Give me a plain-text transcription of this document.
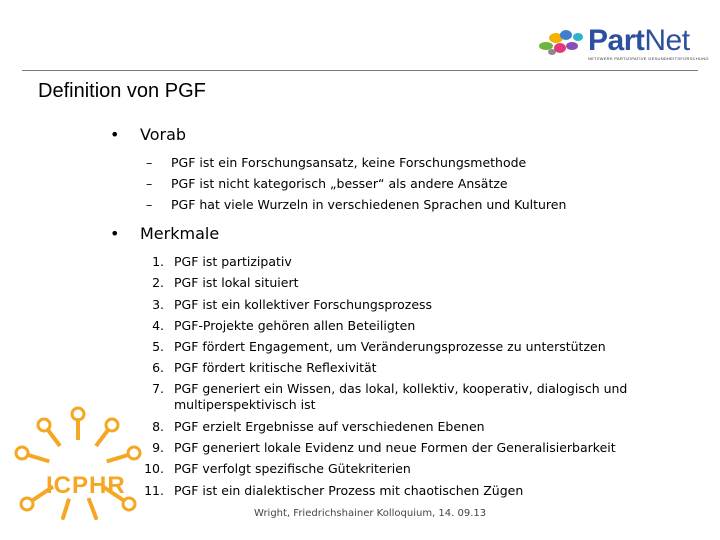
PartNet
NETZWERK PARTIZIPATIVE GESUNDHEITSFORSCHUNG
Definition von PGF
• Vorab
– PGF ist ein Forschungsansatz, keine Forschungsmethode
– PGF ist nicht kategorisch „besser“ als andere Ansätze
– PGF hat viele Wurzeln in verschiedenen Sprachen und Kulturen
• Merkmale
1. PGF ist partizipativ
2. PGF ist lokal situiert
3. PGF ist ein kollektiver Forschungsprozess
4. PGF-Projekte gehören allen Beteiligten
5. PGF fördert Engagement, um Veränderungsprozesse zu unterstützen
6. PGF fördert kritische Reflexivität
7. PGF generiert ein Wissen, das lokal, kollektiv, kooperativ, dialogisch und multiperspektivisch ist
8. PGF erzielt Ergebnisse auf verschiedenen Ebenen
9. PGF generiert lokale Evidenz und neue Formen der Generalisierbarkeit
10. PGF verfolgt spezifische Gütekriterien
11. PGF ist ein dialektischer Prozess mit chaotischen Zügen
ICPHR
Wright, Friedrichshainer Kolloquium, 14. 09.13
